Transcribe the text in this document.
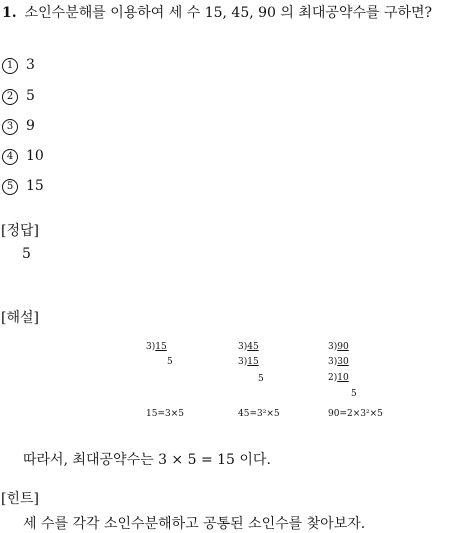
1. 소인수분해를 이용하여 세 수 15, 45, 90 의 최대공약수를 구하면?
1 3
2 5
3 9
4 10
5 15
[정답]
5
[해설]
3)15
5
3)45
3)15
5
3)90
3)30
2)10
5
15=3×5	45=3²×5	90=2×3²×5
따라서, 최대공약수는 3 × 5 = 15 이다.
[힌트]
세 수를 각각 소인수분해하고 공통된 소인수를 찾아보자.
